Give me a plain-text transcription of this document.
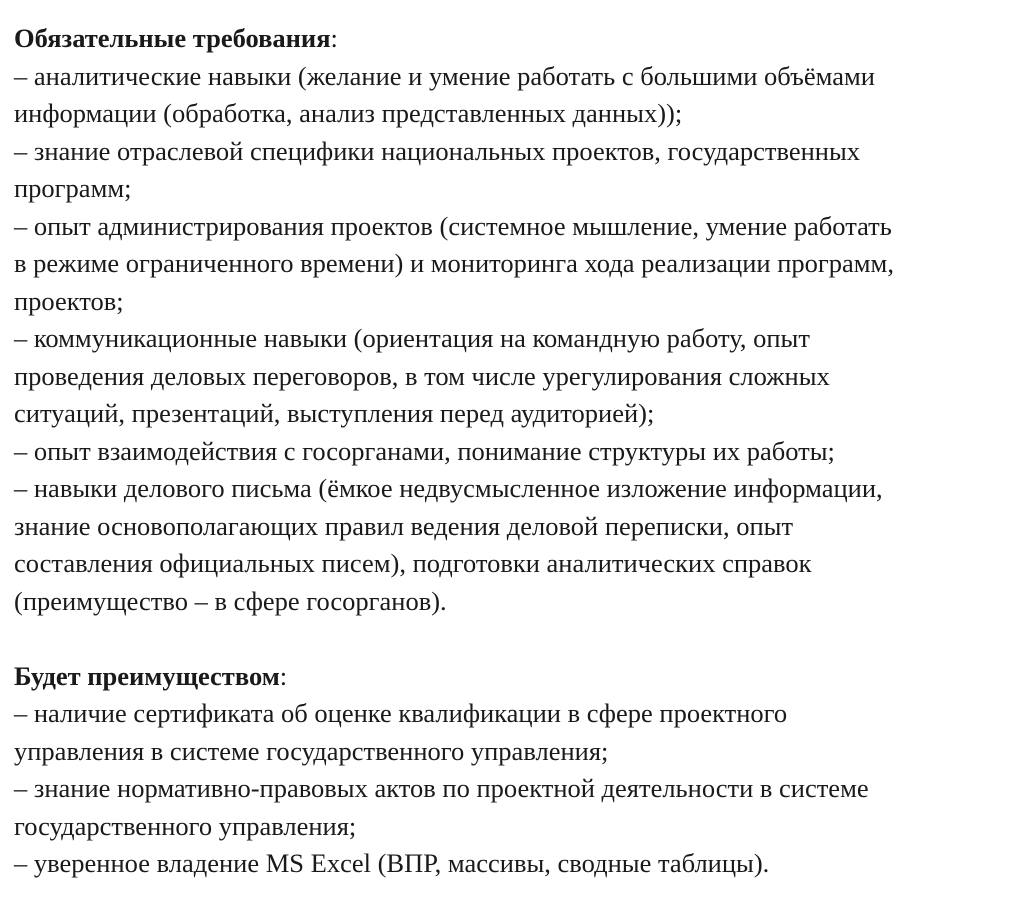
Обязательные требования:
– аналитические навыки (желание и умение работать с большими объёмами
информации (обработка, анализ представленных данных));
– знание отраслевой специфики национальных проектов, государственных
программ;
– опыт администрирования проектов (системное мышление, умение работать
в режиме ограниченного времени) и мониторинга хода реализации программ,
проектов;
– коммуникационные навыки (ориентация на командную работу, опыт
проведения деловых переговоров, в том числе урегулирования сложных
ситуаций, презентаций, выступления перед аудиторией);
– опыт взаимодействия с госорганами, понимание структуры их работы;
– навыки делового письма (ёмкое недвусмысленное изложение информации,
знание основополагающих правил ведения деловой переписки, опыт
составления официальных писем), подготовки аналитических справок
(преимущество – в сфере госорганов).
Будет преимуществом:
– наличие сертификата об оценке квалификации в сфере проектного
управления в системе государственного управления;
– знание нормативно-правовых актов по проектной деятельности в системе
государственного управления;
– уверенное владение MS Excel (ВПР, массивы, сводные таблицы).
